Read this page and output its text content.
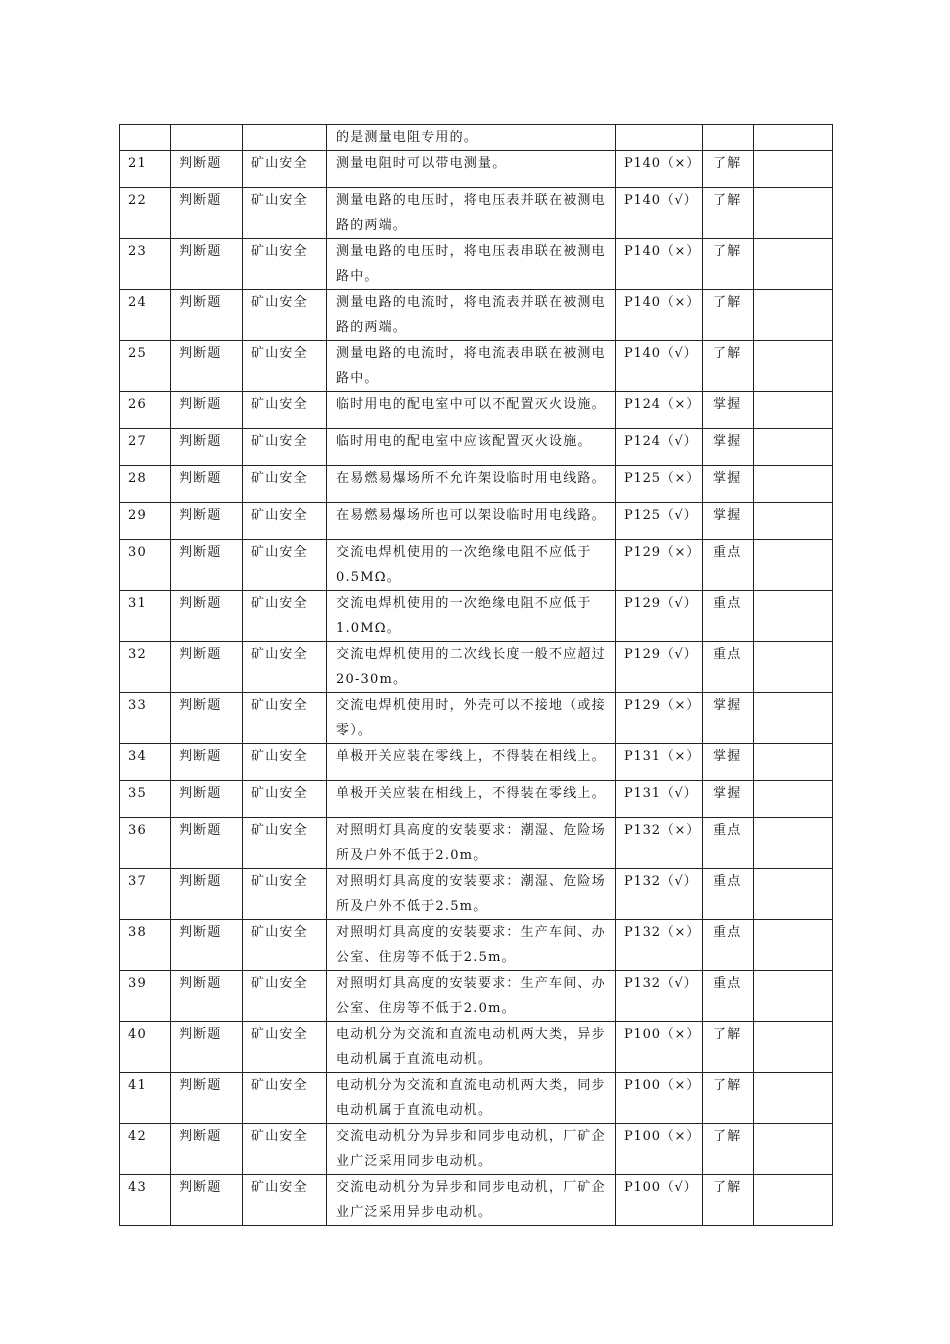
			的是测量电阻专用的。			
21	判断题	矿山安全	测量电阻时可以带电测量。	P140（×）	了解	
22	判断题	矿山安全	测量电路的电压时，将电压表并联在被测电路的两端。	P140（√）	了解	
23	判断题	矿山安全	测量电路的电压时，将电压表串联在被测电路中。	P140（×）	了解	
24	判断题	矿山安全	测量电路的电流时，将电流表并联在被测电路的两端。	P140（×）	了解	
25	判断题	矿山安全	测量电路的电流时，将电流表串联在被测电路中。	P140（√）	了解	
26	判断题	矿山安全	临时用电的配电室中可以不配置灭火设施。	P124（×）	掌握	
27	判断题	矿山安全	临时用电的配电室中应该配置灭火设施。	P124（√）	掌握	
28	判断题	矿山安全	在易燃易爆场所不允许架设临时用电线路。	P125（×）	掌握	
29	判断题	矿山安全	在易燃易爆场所也可以架设临时用电线路。	P125（√）	掌握	
30	判断题	矿山安全	交流电焊机使用的一次绝缘电阻不应低于0.5MΩ。	P129（×）	重点	
31	判断题	矿山安全	交流电焊机使用的一次绝缘电阻不应低于1.0MΩ。	P129（√）	重点	
32	判断题	矿山安全	交流电焊机使用的二次线长度一般不应超过20-30m。	P129（√）	重点	
33	判断题	矿山安全	交流电焊机使用时，外壳可以不接地（或接零）。	P129（×）	掌握	
34	判断题	矿山安全	单极开关应装在零线上，不得装在相线上。	P131（×）	掌握	
35	判断题	矿山安全	单极开关应装在相线上，不得装在零线上。	P131（√）	掌握	
36	判断题	矿山安全	对照明灯具高度的安装要求：潮湿、危险场所及户外不低于2.0m。	P132（×）	重点	
37	判断题	矿山安全	对照明灯具高度的安装要求：潮湿、危险场所及户外不低于2.5m。	P132（√）	重点	
38	判断题	矿山安全	对照明灯具高度的安装要求：生产车间、办公室、住房等不低于2.5m。	P132（×）	重点	
39	判断题	矿山安全	对照明灯具高度的安装要求：生产车间、办公室、住房等不低于2.0m。	P132（√）	重点	
40	判断题	矿山安全	电动机分为交流和直流电动机两大类，异步电动机属于直流电动机。	P100（×）	了解	
41	判断题	矿山安全	电动机分为交流和直流电动机两大类，同步电动机属于直流电动机。	P100（×）	了解	
42	判断题	矿山安全	交流电动机分为异步和同步电动机，厂矿企业广泛采用同步电动机。	P100（×）	了解	
43	判断题	矿山安全	交流电动机分为异步和同步电动机，厂矿企业广泛采用异步电动机。	P100（√）	了解	
